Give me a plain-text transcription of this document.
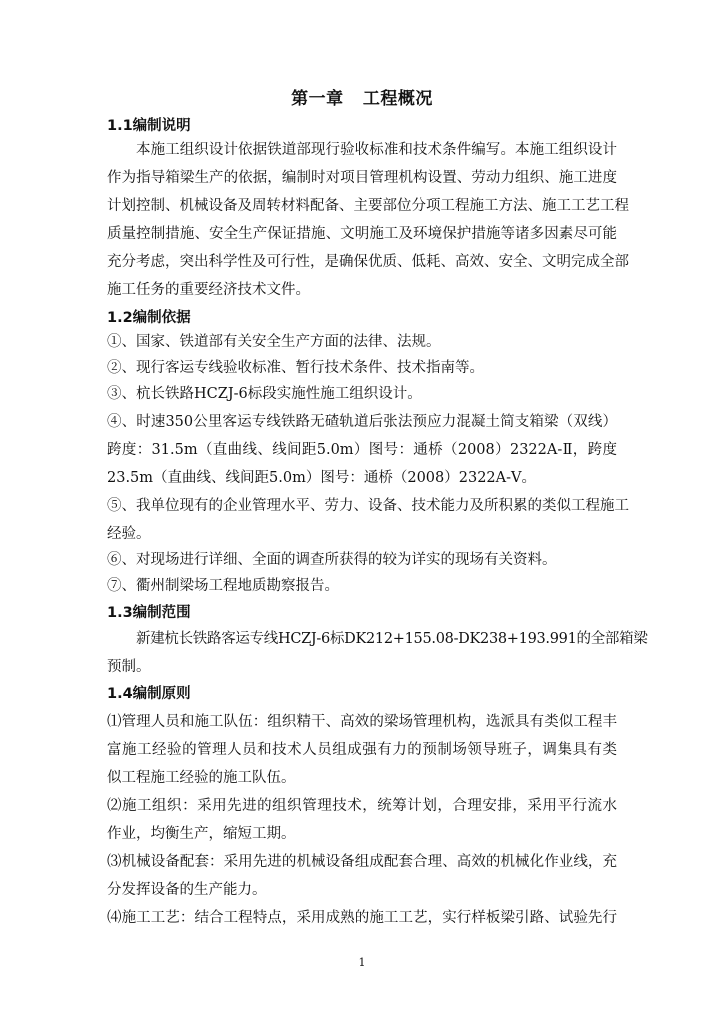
第一章   工程概况
1.1编制说明
本施工组织设计依据铁道部现行验收标准和技术条件编写。本施工组织设计
作为指导箱梁生产的依据，编制时对项目管理机构设置、劳动力组织、施工进度
计划控制、机械设备及周转材料配备、主要部位分项工程施工方法、施工工艺工程
质量控制措施、安全生产保证措施、文明施工及环境保护措施等诸多因素尽可能
充分考虑，突出科学性及可行性，是确保优质、低耗、高效、安全、文明完成全部
施工任务的重要经济技术文件。
1.2编制依据
①、国家、铁道部有关安全生产方面的法律、法规。
②、现行客运专线验收标准、暂行技术条件、技术指南等。
③、杭长铁路HCZJ-6标段实施性施工组织设计。
④、时速350公里客运专线铁路无碴轨道后张法预应力混凝土简支箱梁（双线）
跨度：31.5m（直曲线、线间距5.0m）图号：通桥（2008）2322A-Ⅱ，跨度
23.5m（直曲线、线间距5.0m）图号：通桥（2008）2322A-Ⅴ。
⑤、我单位现有的企业管理水平、劳力、设备、技术能力及所积累的类似工程施工
经验。
⑥、对现场进行详细、全面的调查所获得的较为详实的现场有关资料。
⑦、衢州制梁场工程地质勘察报告。
1.3编制范围
新建杭长铁路客运专线HCZJ-6标DK212+155.08-DK238+193.991的全部箱梁
预制。
1.4编制原则
⑴管理人员和施工队伍：组织精干、高效的梁场管理机构，选派具有类似工程丰
富施工经验的管理人员和技术人员组成强有力的预制场领导班子，调集具有类
似工程施工经验的施工队伍。
⑵施工组织：采用先进的组织管理技术，统筹计划，合理安排，采用平行流水
作业，均衡生产，缩短工期。
⑶机械设备配套：采用先进的机械设备组成配套合理、高效的机械化作业线，充
分发挥设备的生产能力。
⑷施工工艺：结合工程特点，采用成熟的施工工艺，实行样板梁引路、试验先行
1
